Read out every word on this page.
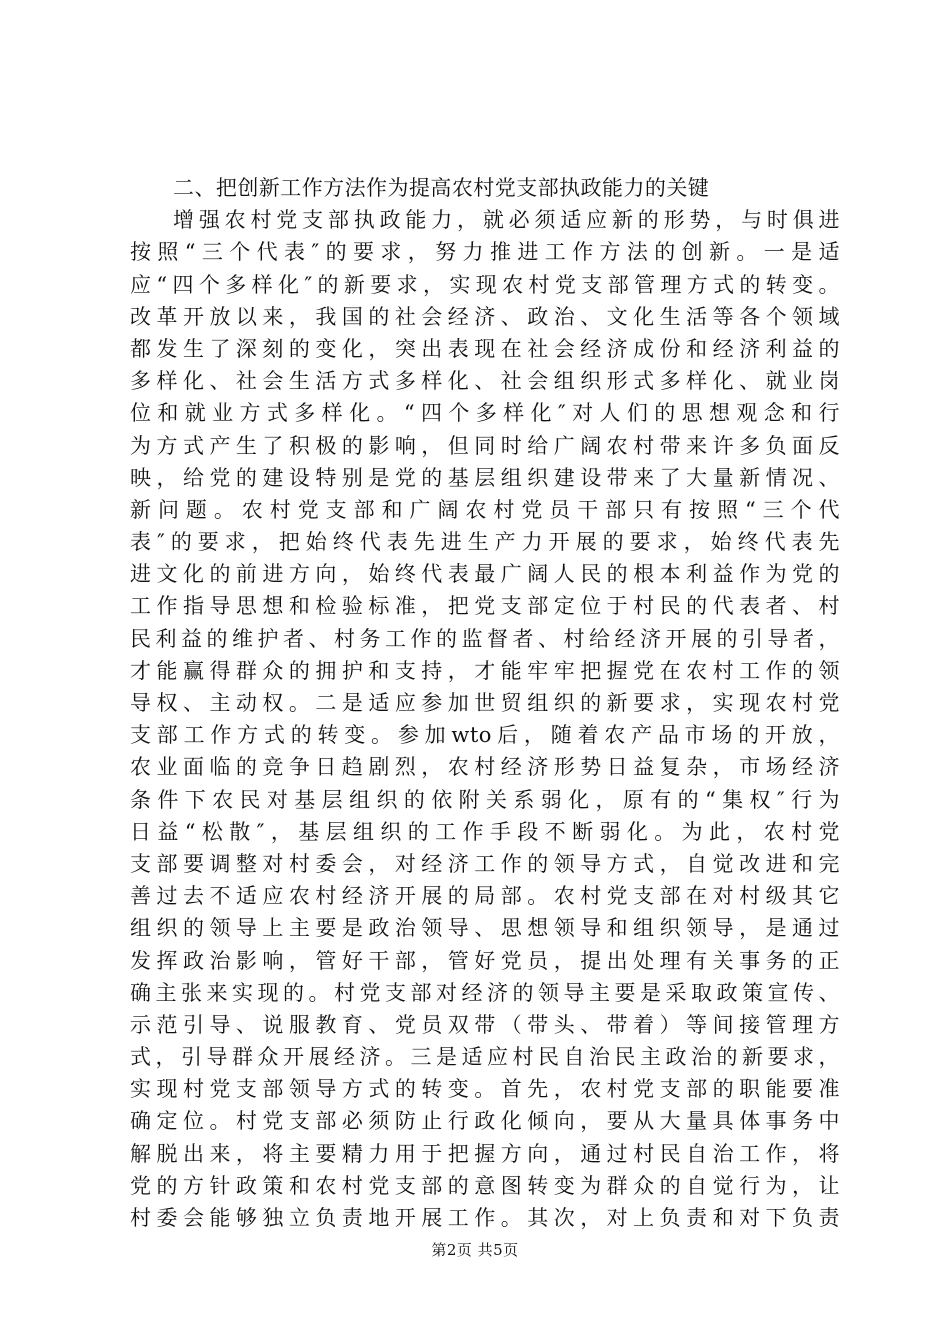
二、把创新工作方法作为提高农村党支部执政能力的关键
增强农村党支部执政能力，就必须适应新的形势，与时俱进
按照“三个代表″的要求，努力推进工作方法的创新。一是适
应“四个多样化″的新要求，实现农村党支部管理方式的转变。
改革开放以来，我国的社会经济、政治、文化生活等各个领域
都发生了深刻的变化，突出表现在社会经济成份和经济利益的
多样化、社会生活方式多样化、社会组织形式多样化、就业岗
位和就业方式多样化。“四个多样化″对人们的思想观念和行
为方式产生了积极的影响，但同时给广阔农村带来许多负面反
映，给党的建设特别是党的基层组织建设带来了大量新情况、
新问题。农村党支部和广阔农村党员干部只有按照“三个代
表″的要求，把始终代表先进生产力开展的要求，始终代表先
进文化的前进方向，始终代表最广阔人民的根本利益作为党的
工作指导思想和检验标准，把党支部定位于村民的代表者、村
民利益的维护者、村务工作的监督者、村给经济开展的引导者，
才能赢得群众的拥护和支持，才能牢牢把握党在农村工作的领
导权、主动权。二是适应参加世贸组织的新要求，实现农村党
支部工作方式的转变。参加wto后，随着农产品市场的开放，
农业面临的竞争日趋剧烈，农村经济形势日益复杂，市场经济
条件下农民对基层组织的依附关系弱化，原有的“集权″行为
日益“松散″，基层组织的工作手段不断弱化。为此，农村党
支部要调整对村委会，对经济工作的领导方式，自觉改进和完
善过去不适应农村经济开展的局部。农村党支部在对村级其它
组织的领导上主要是政治领导、思想领导和组织领导，是通过
发挥政治影响，管好干部，管好党员，提出处理有关事务的正
确主张来实现的。村党支部对经济的领导主要是采取政策宣传、
示范引导、说服教育、党员双带（带头、带着）等间接管理方
式，引导群众开展经济。三是适应村民自治民主政治的新要求，
实现村党支部领导方式的转变。首先，农村党支部的职能要准
确定位。村党支部必须防止行政化倾向，要从大量具体事务中
解脱出来，将主要精力用于把握方向，通过村民自治工作，将
党的方针政策和农村党支部的意图转变为群众的自觉行为，让
村委会能够独立负责地开展工作。其次，对上负责和对下负责
第2页 共5页
